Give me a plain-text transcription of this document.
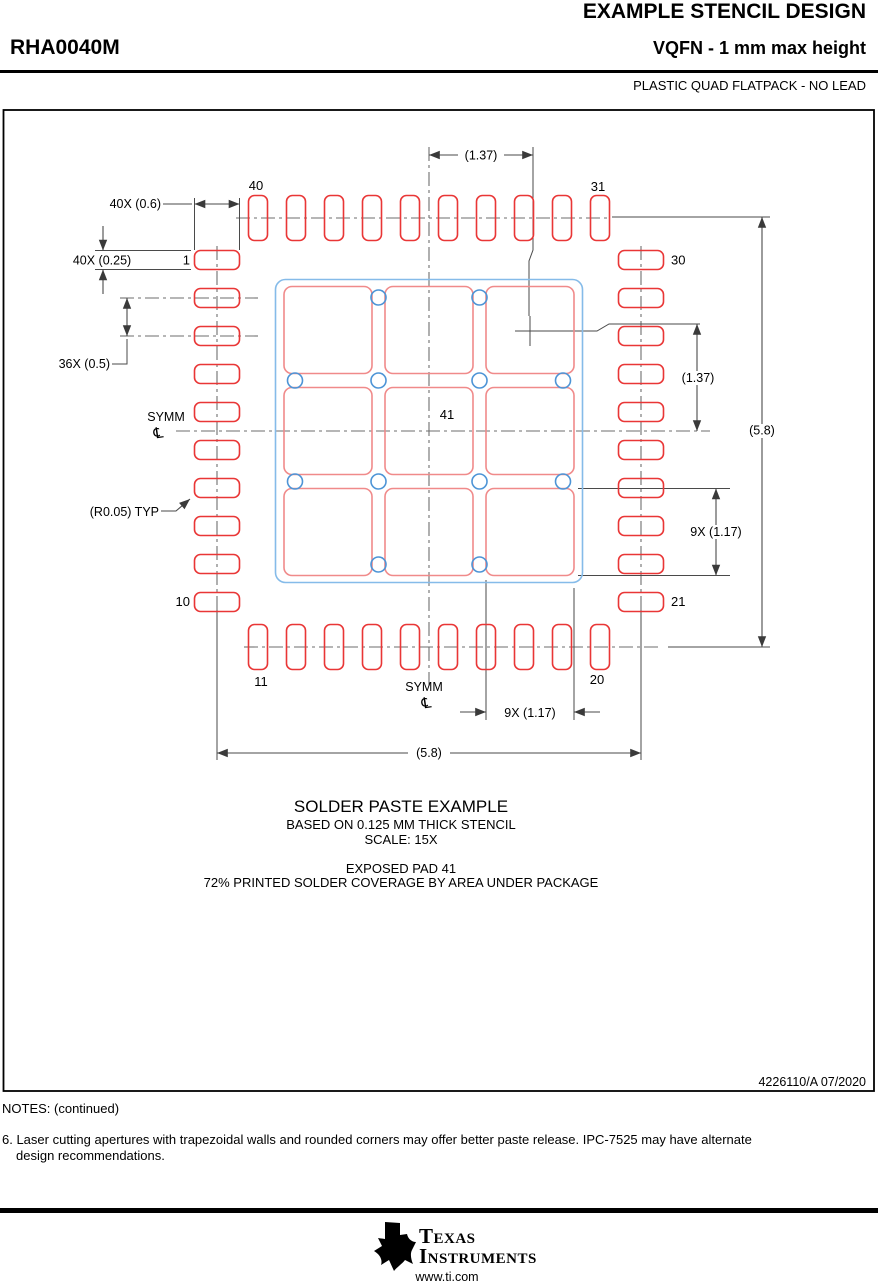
EXAMPLE STENCIL DESIGN
RHA0040M	VQFN - 1 mm max height
PLASTIC QUAD FLATPACK - NO LEAD
(1.37)
40X (0.6)
40X (0.25)
36X (0.5)
(1.37)
(5.8)
9X (1.17)
9X (1.17)
(5.8)
(R0.05) TYP
SYMM
℄
SYMM
℄
40	31
1	30
10	21
11	20
41
SOLDER PASTE EXAMPLE
BASED ON 0.125 MM THICK STENCIL
SCALE: 15X
EXPOSED PAD 41
72% PRINTED SOLDER COVERAGE BY AREA UNDER PACKAGE
4226110/A 07/2020
NOTES: (continued)
6. Laser cutting apertures with trapezoidal walls and rounded corners may offer better paste release. IPC-7525 may have alternate
design recommendations.
ti Texas
Instruments
www.ti.com
